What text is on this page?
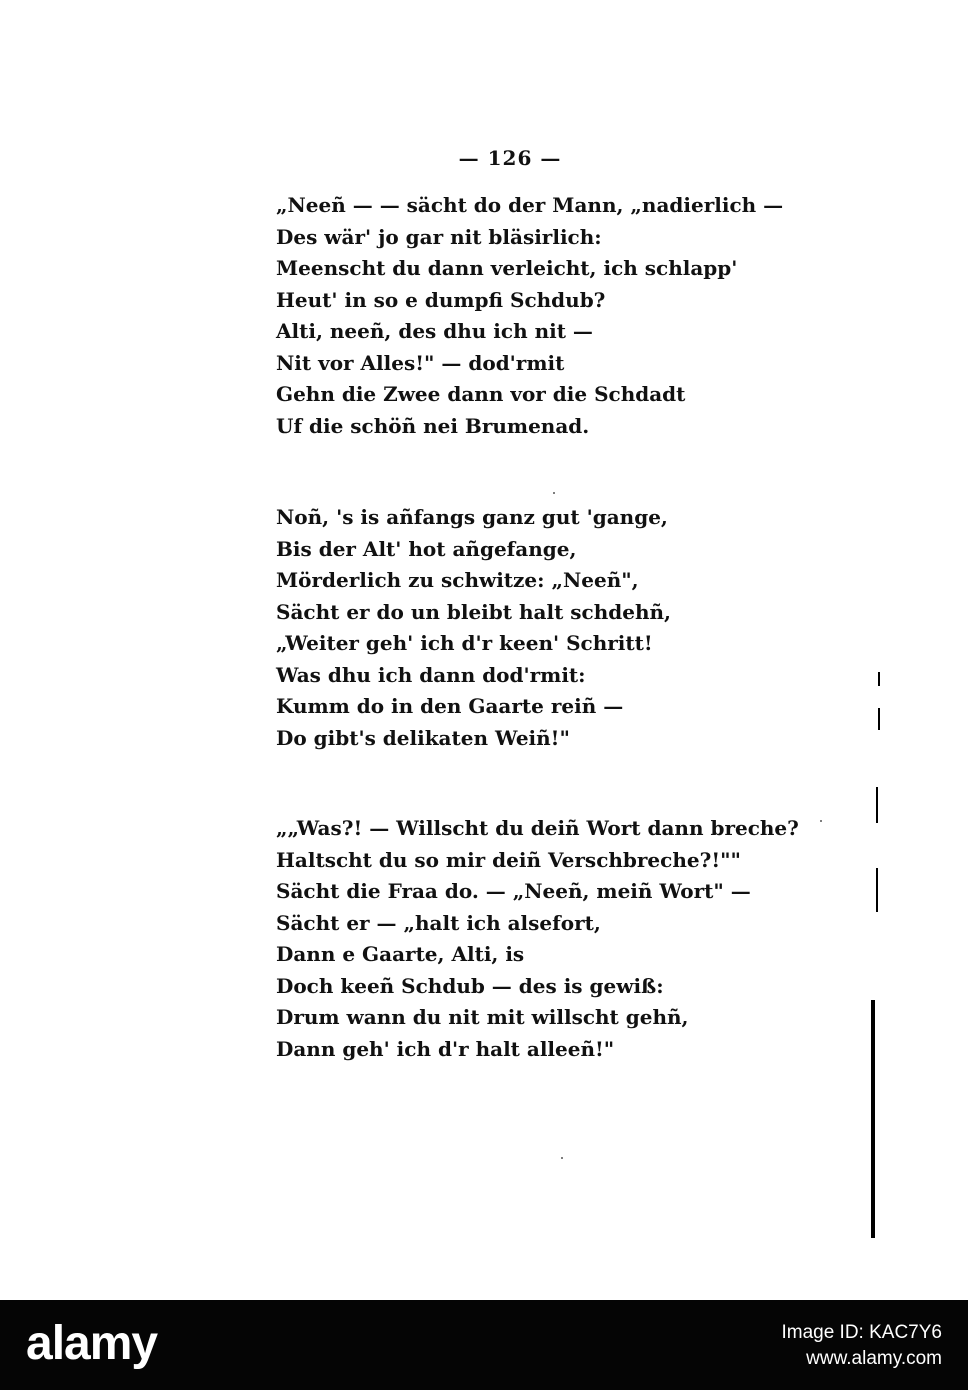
— 126 —
„Neeñ — — sächt do der Mann, „nadierlich —
Des wär' jo gar nit bläsirlich:
Meenscht du dann verleicht, ich schlapp'
Heut' in so e dumpfi Schdub?
Alti, neeñ, des dhu ich nit —
Nit vor Alles!" — dod'rmit
Gehn die Zwee dann vor die Schdadt
Uf die schöñ nei Brumenad.
Noñ, 's is añfangs ganz gut 'gange,
Bis der Alt' hot añgefange,
Mörderlich zu schwitze: „Neeñ",
Sächt er do un bleibt halt schdehñ,
„Weiter geh' ich d'r keen' Schritt!
Was dhu ich dann dod'rmit:
Kumm do in den Gaarte reiñ —
Do gibt's delikaten Weiñ!"
„„Was?! — Willscht du deiñ Wort dann breche?
Haltscht du so mir deiñ Verschbreche?!""
Sächt die Fraa do. — „Neeñ, meiñ Wort" —
Sächt er — „halt ich alsefort,
Dann e Gaarte, Alti, is
Doch keeñ Schdub — des is gewiß:
Drum wann du nit mit willscht gehñ,
Dann geh' ich d'r halt alleeñ!"
alamy	Image ID: KAC7Y6
www.alamy.com
